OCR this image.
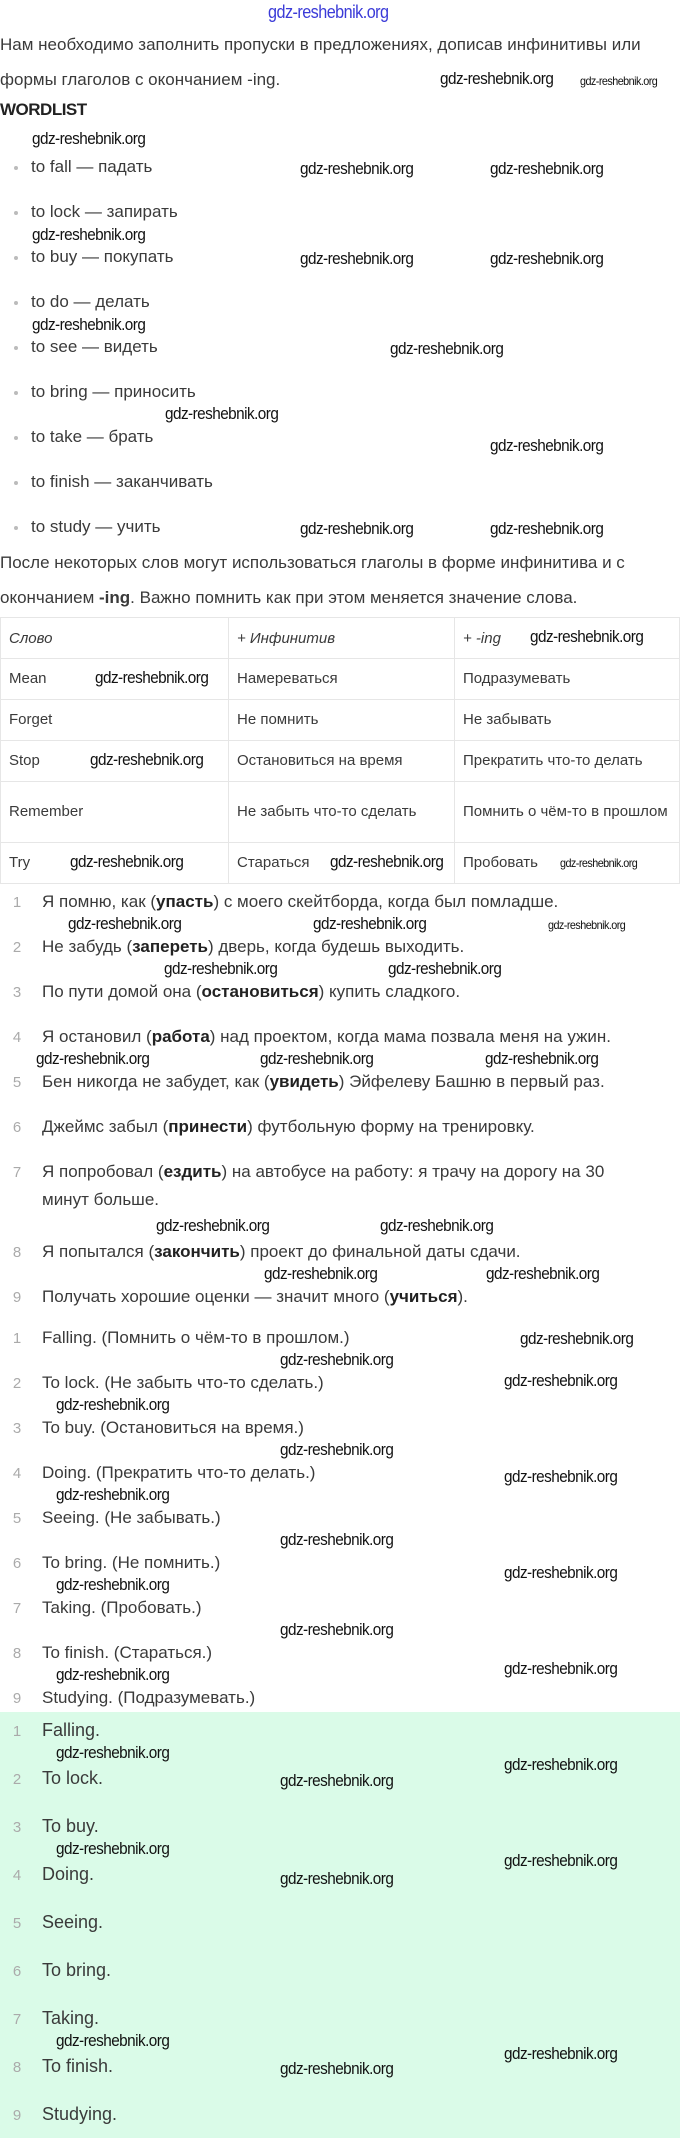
Нам необходимо заполнить пропуски в предложениях, дописав инфинитивы или формы глаголов с окончанием -ing.
WORDLIST
to fall — падать
to lock — запирать
to buy — покупать
to do — делать
to see — видеть
to bring — приносить
to take — брать
to finish — заканчивать
to study — учить
После некоторых слов могут использоваться глаголы в форме инфинитива и с окончанием -ing. Важно помнить как при этом меняется значение слова.
Слово	+ Инфинитив	+ -ing
Mean	Намереваться	Подразумевать
Forget	Не помнить	Не забывать
Stop	Остановиться на время	Прекратить что-то делать
Remember	Не забыть что-то сделать	Помнить о чём-то в прошлом
Try	Стараться	Пробовать
1 Я помню, как (упасть) с моего скейтборда, когда был помладше.
2 Не забудь (запереть) дверь, когда будешь выходить.
3 По пути домой она (остановиться) купить сладкого.
4 Я остановил (работа) над проектом, когда мама позвала меня на ужин.
5 Бен никогда не забудет, как (увидеть) Эйфелеву Башню в первый раз.
6 Джеймс забыл (принести) футбольную форму на тренировку.
7 Я попробовал (ездить) на автобусе на работу: я трачу на дорогу на 30
минут больше.
8 Я попытался (закончить) проект до финальной даты сдачи.
9 Получать хорошие оценки — значит много (учиться).
1 Falling. (Помнить о чём-то в прошлом.)
2 To lock. (Не забыть что-то сделать.)
3 To buy. (Остановиться на время.)
4 Doing. (Прекратить что-то делать.)
5 Seeing. (Не забывать.)
6 To bring. (Не помнить.)
7 Taking. (Пробовать.)
8 To finish. (Стараться.)
9 Studying. (Подразумевать.)
1 Falling.
2 To lock.
3 To buy.
4 Doing.
5 Seeing.
6 To bring.
7 Taking.
8 To finish.
9 Studying.
gdz-reshebnik.org
gdz-reshebnik.org gdz-reshebnik.org
gdz-reshebnik.org
gdz-reshebnik.org	gdz-reshebnik.org
gdz-reshebnik.org
gdz-reshebnik.org	gdz-reshebnik.org
gdz-reshebnik.org
gdz-reshebnik.org
gdz-reshebnik.org
gdz-reshebnik.org
gdz-reshebnik.org	gdz-reshebnik.org
gdz-reshebnik.org
gdz-reshebnik.org
gdz-reshebnik.org
gdz-reshebnik.org	gdz-reshebnik.org	gdz-reshebnik.org
gdz-reshebnik.org	gdz-reshebnik.org	gdz-reshebnik.org
gdz-reshebnik.org	gdz-reshebnik.org
gdz-reshebnik.org	gdz-reshebnik.org	gdz-reshebnik.org
gdz-reshebnik.org	gdz-reshebnik.org
gdz-reshebnik.org	gdz-reshebnik.org
gdz-reshebnik.org
gdz-reshebnik.org
gdz-reshebnik.org
gdz-reshebnik.org
gdz-reshebnik.org
gdz-reshebnik.org
gdz-reshebnik.org
gdz-reshebnik.org
gdz-reshebnik.org
gdz-reshebnik.org
gdz-reshebnik.org
gdz-reshebnik.org
gdz-reshebnik.org
gdz-reshebnik.org
gdz-reshebnik.org
gdz-reshebnik.org
gdz-reshebnik.org
gdz-reshebnik.org
gdz-reshebnik.org
gdz-reshebnik.org
gdz-reshebnik.org
gdz-reshebnik.org
